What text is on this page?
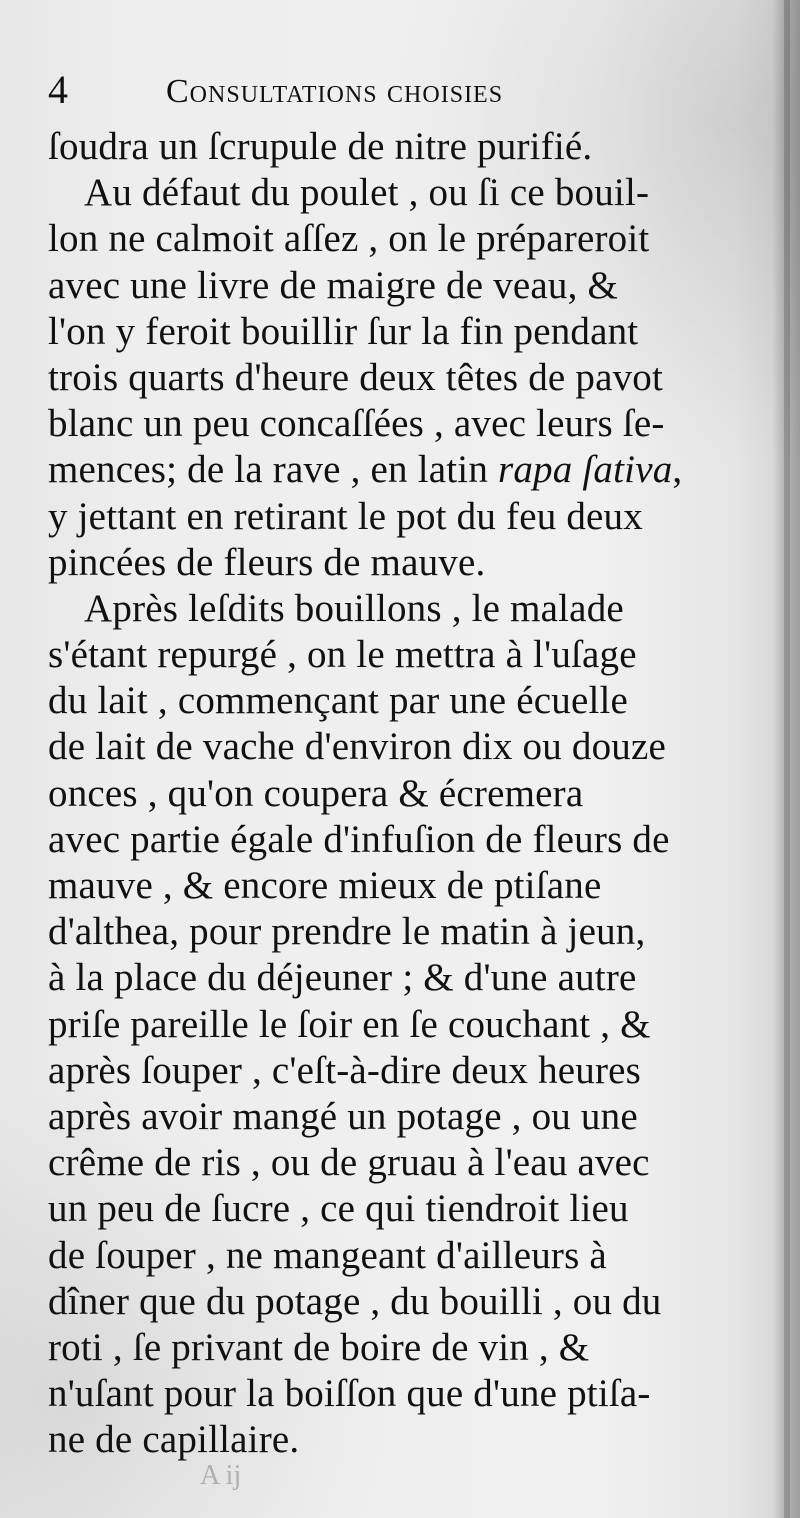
4	Consultations choisies
ſoudra un ſcrupule de nitre purifié.
Au défaut du poulet , ou ſi ce bouil-
lon ne calmoit aſſez , on le prépareroit
avec une livre de maigre de veau, &
l'on y feroit bouillir ſur la fin pendant
trois quarts d'heure deux têtes de pavot
blanc un peu concaſſées , avec leurs ſe-
mences; de la rave , en latin rapa ſativa,
y jettant en retirant le pot du feu deux
pincées de fleurs de mauve.
Après leſdits bouillons , le malade
s'étant repurgé , on le mettra à l'uſage
du lait , commençant par une écuelle
de lait de vache d'environ dix ou douze
onces , qu'on coupera & écremera
avec partie égale d'infuſion de fleurs de
mauve , & encore mieux de ptiſane
d'althea, pour prendre le matin à jeun,
à la place du déjeuner ; & d'une autre
priſe pareille le ſoir en ſe couchant , &
après ſouper , c'eſt-à-dire deux heures
après avoir mangé un potage , ou une
crême de ris , ou de gruau à l'eau avec
un peu de ſucre , ce qui tiendroit lieu
de ſouper , ne mangeant d'ailleurs à
dîner que du potage , du bouilli , ou du
roti , ſe privant de boire de vin , &
n'uſant pour la boiſſon que d'une ptiſa-
ne de capillaire.
A ij
